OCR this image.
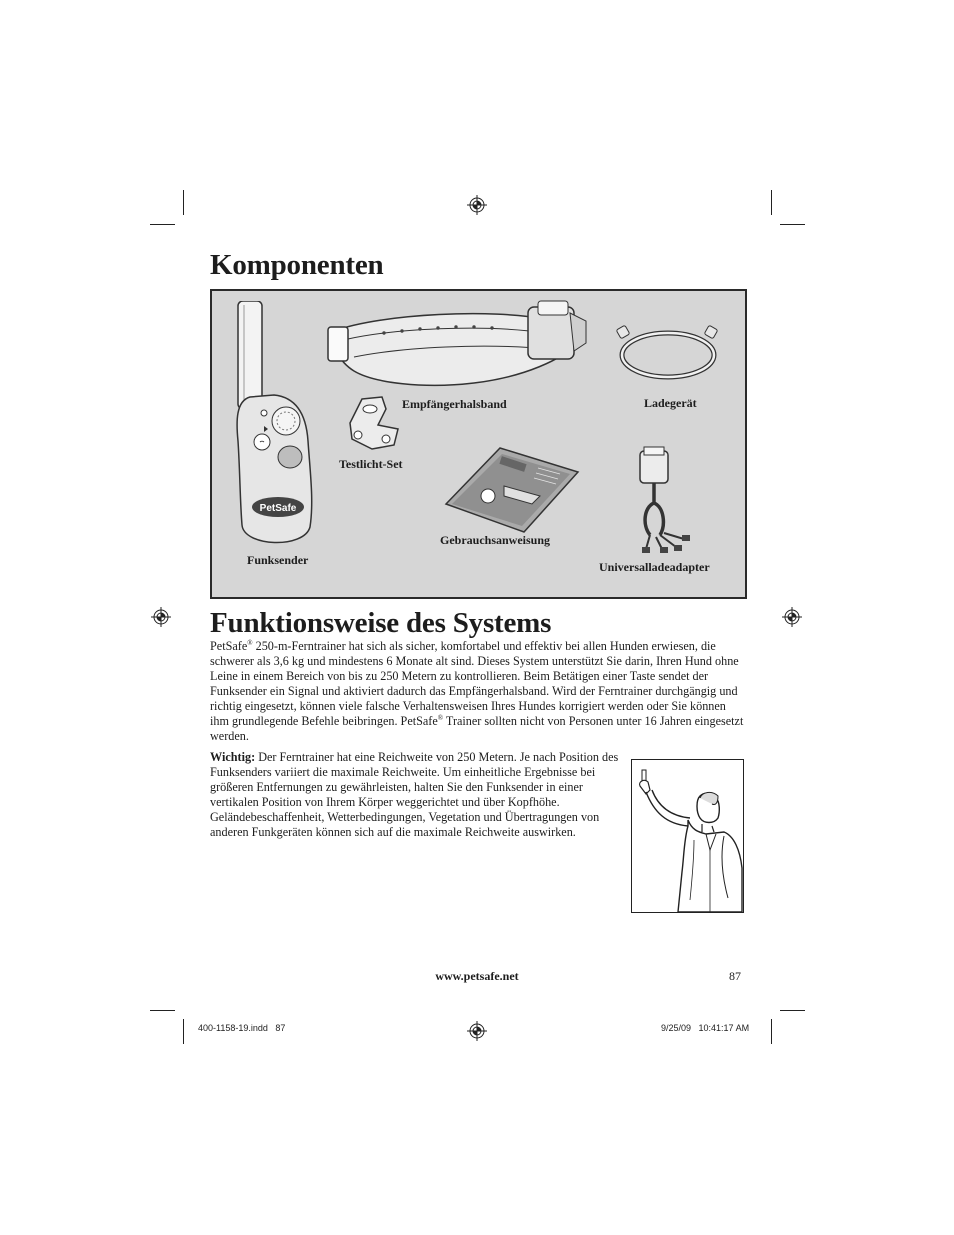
Komponenten
PetSafe
Empfängerhalsband	Ladegerät
Testlicht-Set
Gebrauchsanweisung
Funksender	Universalladeadapter
Funktionsweise des Systems

PetSafe® 250-m-Ferntrainer hat sich als sicher, komfortabel und effektiv bei allen Hunden erwiesen, die schwerer als 3,6 kg und mindestens 6 Monate alt sind. Dieses System unterstützt Sie darin, Ihren Hund ohne Leine in einem Bereich von bis zu 250 Metern zu kontrollieren. Beim Betätigen einer Taste sendet der Funksender ein Signal und aktiviert dadurch das Empfängerhalsband. Wird der Ferntrainer durchgängig und richtig eingesetzt, können viele falsche Verhaltensweisen Ihres Hundes korrigiert werden oder Sie können ihm grundlegende Befehle beibringen. PetSafe® Trainer sollten nicht von Personen unter 16 Jahren eingesetzt werden.

Wichtig: Der Ferntrainer hat eine Reichweite von 250 Metern. Je nach Position des Funksenders variiert die maximale Reichweite. Um einheitliche Ergebnisse bei größeren Entfernungen zu gewährleisten, halten Sie den Funksender in einer vertikalen Position von Ihrem Körper weggerichtet und über Kopfhöhe. Geländebeschaffenheit, Wetterbedingungen, Vegetation und Übertragungen von anderen Funkgeräten können sich auf die maximale Reichweite auswirken.

www.petsafe.net	87
400-1158-19.indd   87	9/25/09   10:41:17 AM
